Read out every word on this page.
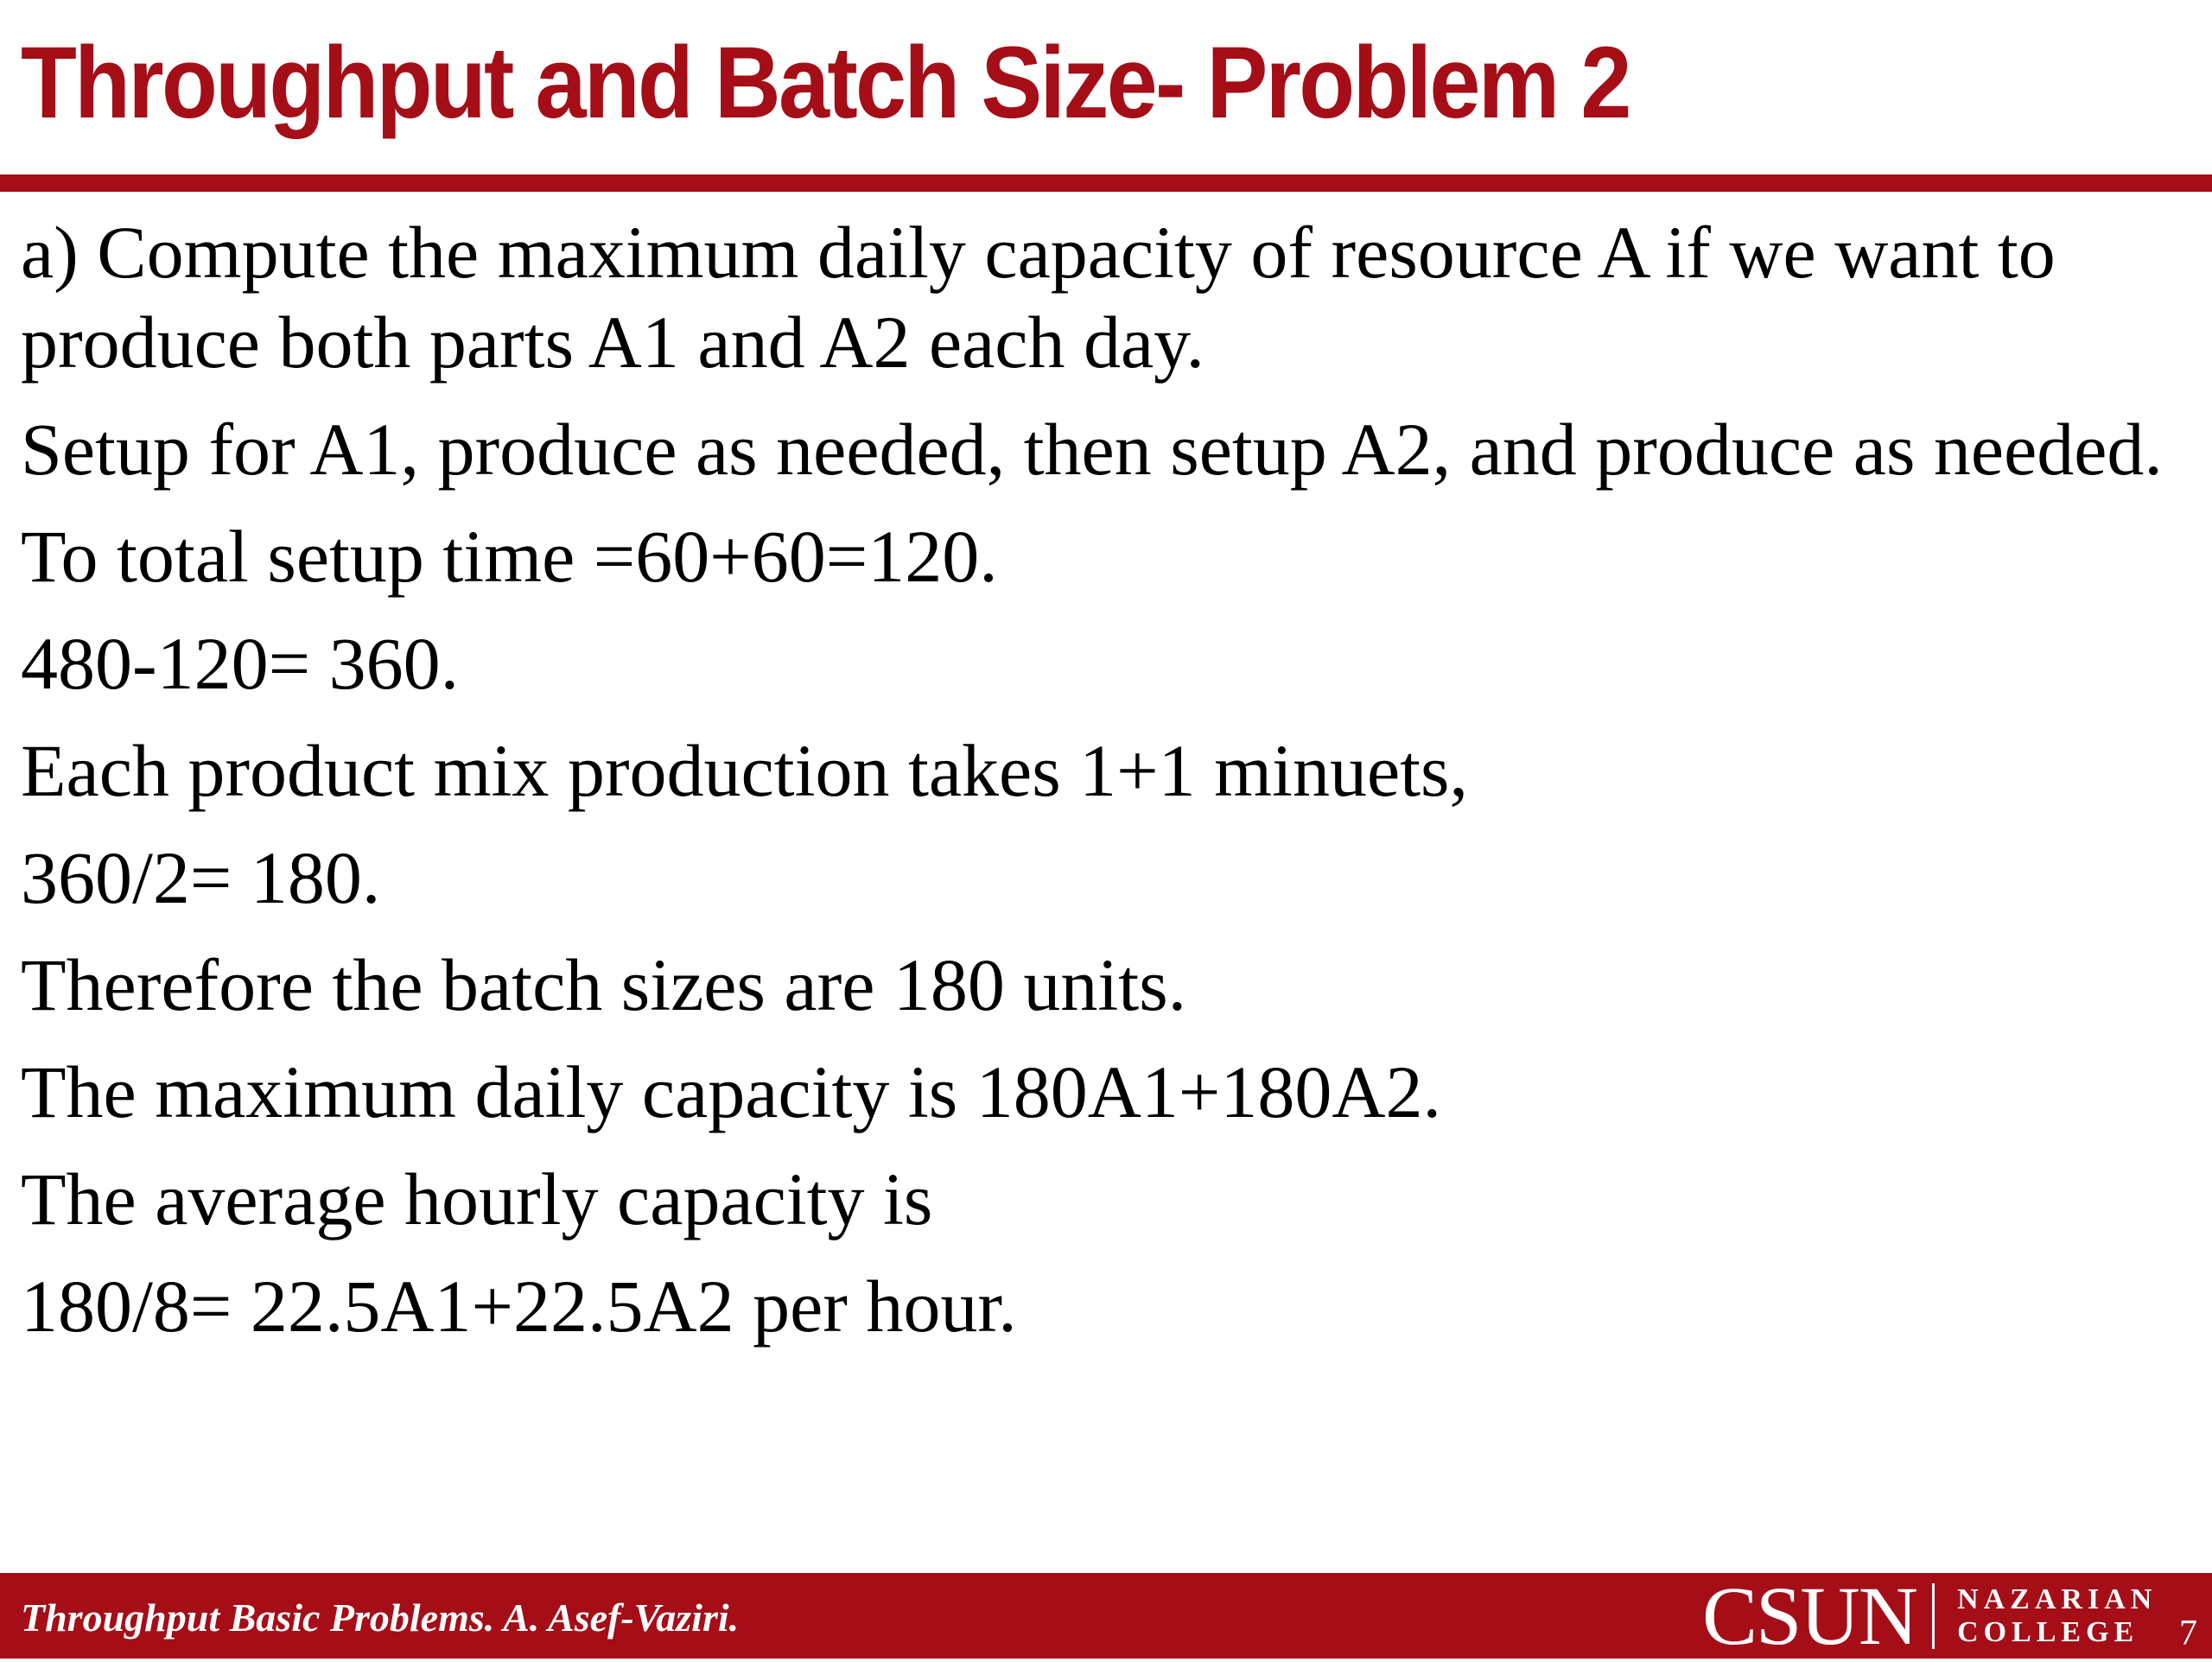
Throughput and Batch Size- Problem 2

a) Compute the maximum daily capacity of resource A if we want to produce both parts A1 and A2 each day.

Setup for A1, produce as needed, then setup A2, and produce as needed.

To total setup time =60+60=120.

480-120= 360.

Each product mix production takes 1+1 minuets,

360/2= 180.

Therefore the batch sizes are 180 units.

The maximum daily capacity is 180A1+180A2.

The average hourly capacity is

180/8= 22.5A1+22.5A2 per hour.

Throughput Basic Problems. A. Asef-Vaziri.	CSUN NAZARIAN
COLLEGE	7
